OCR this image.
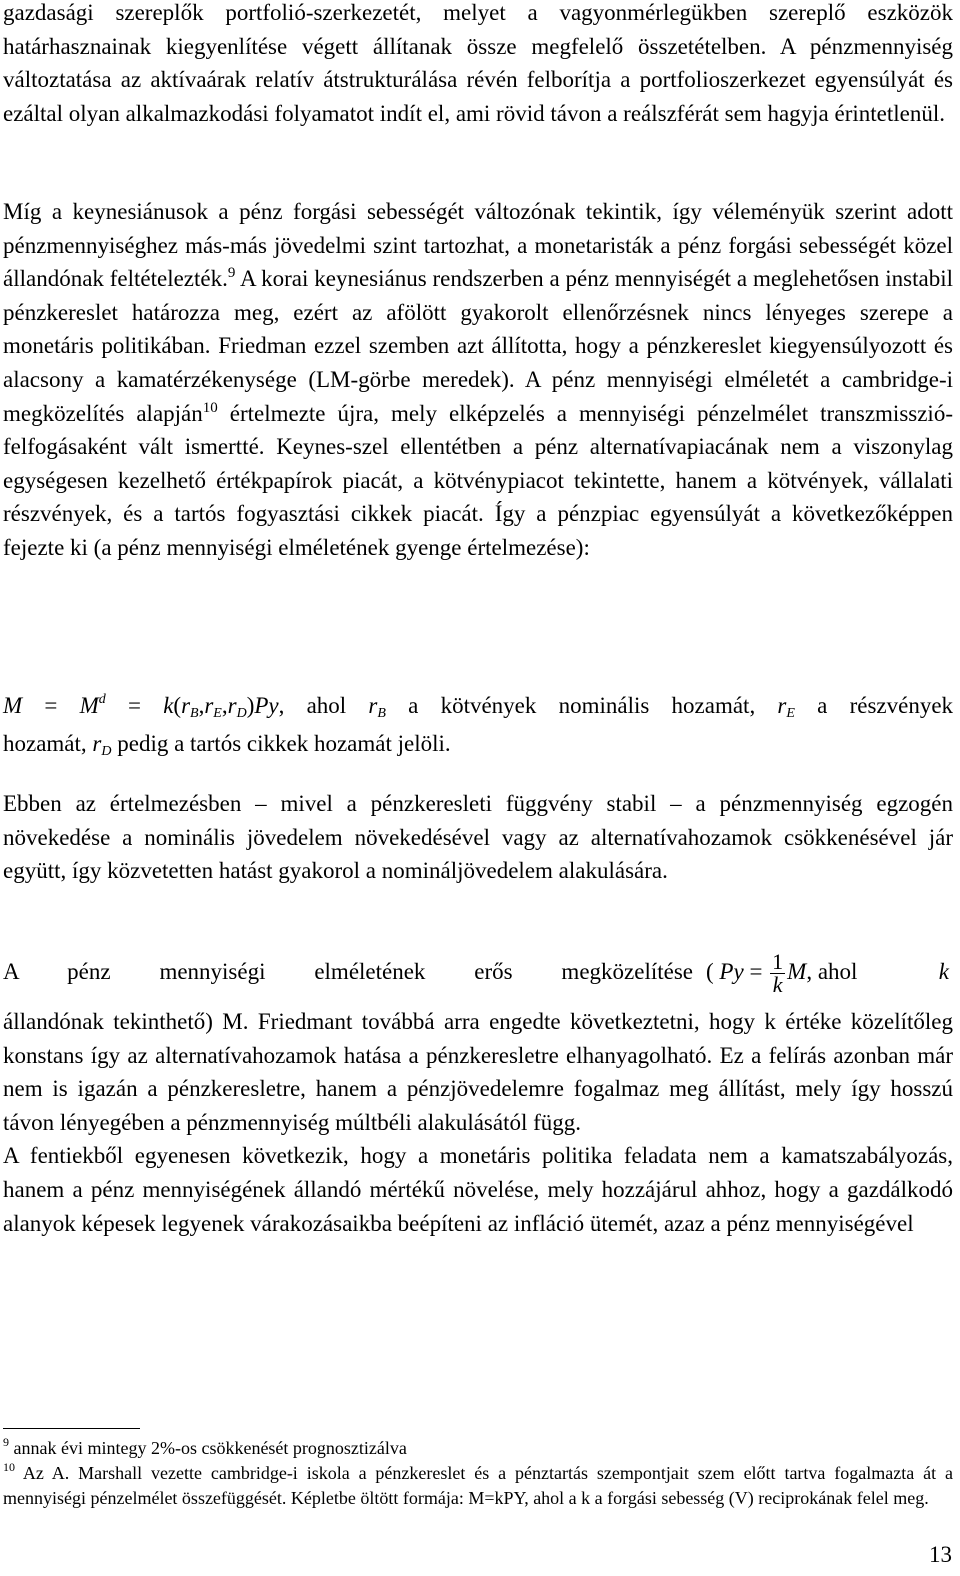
gazdasági szereplők portfolió-szerkezetét, melyet a vagyonmérlegükben szereplő eszközök határhasznainak kiegyenlítése végett állítanak össze megfelelő összetételben. A pénzmennyiség változtatása az aktívaárak relatív átstrukturálása révén felborítja a portfolioszerkezet egyensúlyát és ezáltal olyan alkalmazkodási folyamatot indít el, ami rövid távon a reálszférát sem hagyja érintetlenül.

Míg a keynesiánusok a pénz forgási sebességét változónak tekintik, így véleményük szerint adott pénzmennyiséghez más-más jövedelmi szint tartozhat, a monetaristák a pénz forgási sebességét közel állandónak feltételezték.$^9$ A korai keynesiánus rendszerben a pénz mennyiségét a meglehetősen instabil pénzkereslet határozza meg, ezért az afölött gyakorolt ellenőrzésnek nincs lényeges szerepe a monetáris politikában. Friedman ezzel szemben azt állította, hogy a pénzkereslet kiegyensúlyozott és alacsony a kamatérzékenysége (LM-görbe meredek). A pénz mennyiségi elméletét a cambridge-i megközelítés alapján$^{10}$ értelmezte újra, mely elképzelés a mennyiségi pénzelmélet transzmisszió-felfogásaként vált ismertté. Keynes-szel ellentétben a pénz alternatívapiacának nem a viszonylag egységesen kezelhető értékpapírok piacát, a kötvénypiacot tekintette, hanem a kötvények, vállalati részvények, és a tartós fogyasztási cikkek piacát. Így a pénzpiac egyensúlyát a következőképpen fejezte ki (a pénz mennyiségi elméletének gyenge értelmezése):

$M = M^d = k(r_B,r_E,r_D)Py$, ahol $r_B$ a kötvények nominális hozamát, $r_E$ a részvények
hozamát, $r_D$ pedig a tartós cikkek hozamát jelöli.

Ebben az értelmezésben – mivel a pénzkeresleti függvény stabil – a pénzmennyiség egzogén növekedése a nominális jövedelem növekedésével vagy az alternatívahozamok csökkenésével jár együtt, így közvetetten hatást gyakorol a nomináljövedelem alakulására.

A pénz mennyiségi elméletének erős megközelítése ( $Py = \frac{1}{k} M$, ahol	k

állandónak tekinthető) M. Friedmant továbbá arra engedte következtetni, hogy k értéke közelítőleg konstans így az alternatívahozamok hatása a pénzkeresletre elhanyagolható. Ez a felírás azonban már nem is igazán a pénzkeresletre, hanem a pénzjövedelemre fogalmaz meg állítást, mely így hosszú távon lényegében a pénzmennyiség múltbéli alakulásától függ.

A fentiekből egyenesen következik, hogy a monetáris politika feladata nem a kamatszabályozás, hanem a pénz mennyiségének állandó mértékű növelése, mely hozzájárul ahhoz, hogy a gazdálkodó alanyok képesek legyenek várakozásaikba beépíteni az infláció ütemét, azaz a pénz mennyiségével

$^9$ annak évi mintegy 2%-os csökkenését prognosztizálva

$^{10}$ Az A. Marshall vezette cambridge-i iskola a pénzkereslet és a pénztartás szempontjait szem előtt tartva fogalmazta át a mennyiségi pénzelmélet összefüggését. Képletbe öltött formája: M=kPY, ahol a k a forgási sebesség (V) reciprokának felel meg.

13
